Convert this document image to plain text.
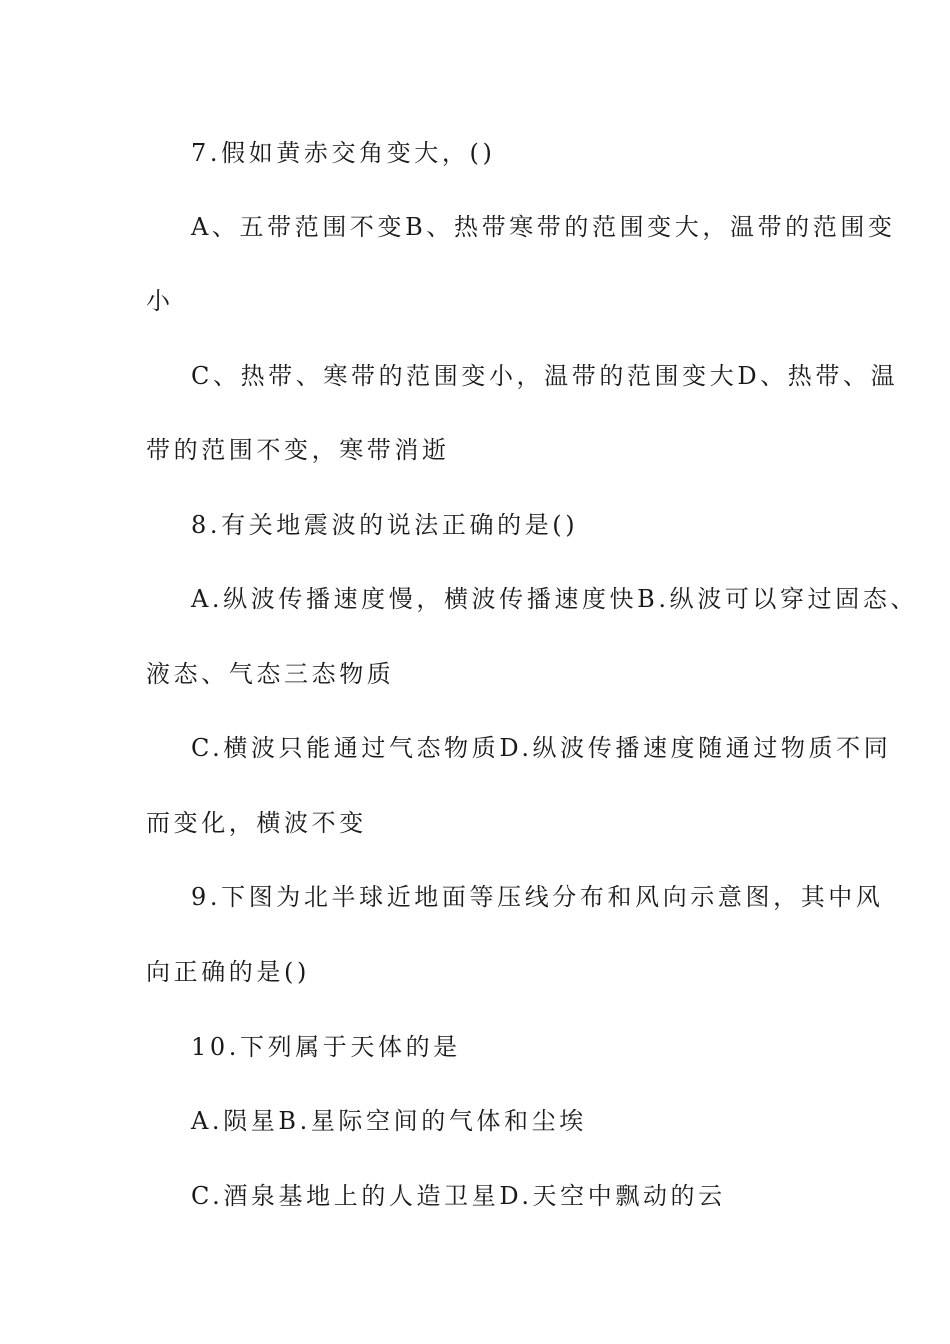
7.假如黄赤交角变大，()

A、五带范围不变B、热带寒带的范围变大，温带的范围变

小

C、热带、寒带的范围变小，温带的范围变大D、热带、温

带的范围不变，寒带消逝

8.有关地震波的说法正确的是()

A.纵波传播速度慢，横波传播速度快B.纵波可以穿过固态、

液态、气态三态物质

C.横波只能通过气态物质D.纵波传播速度随通过物质不同

而变化，横波不变

9.下图为北半球近地面等压线分布和风向示意图，其中风

向正确的是()

10.下列属于天体的是

A.陨星B.星际空间的气体和尘埃

C.酒泉基地上的人造卫星D.天空中飘动的云
